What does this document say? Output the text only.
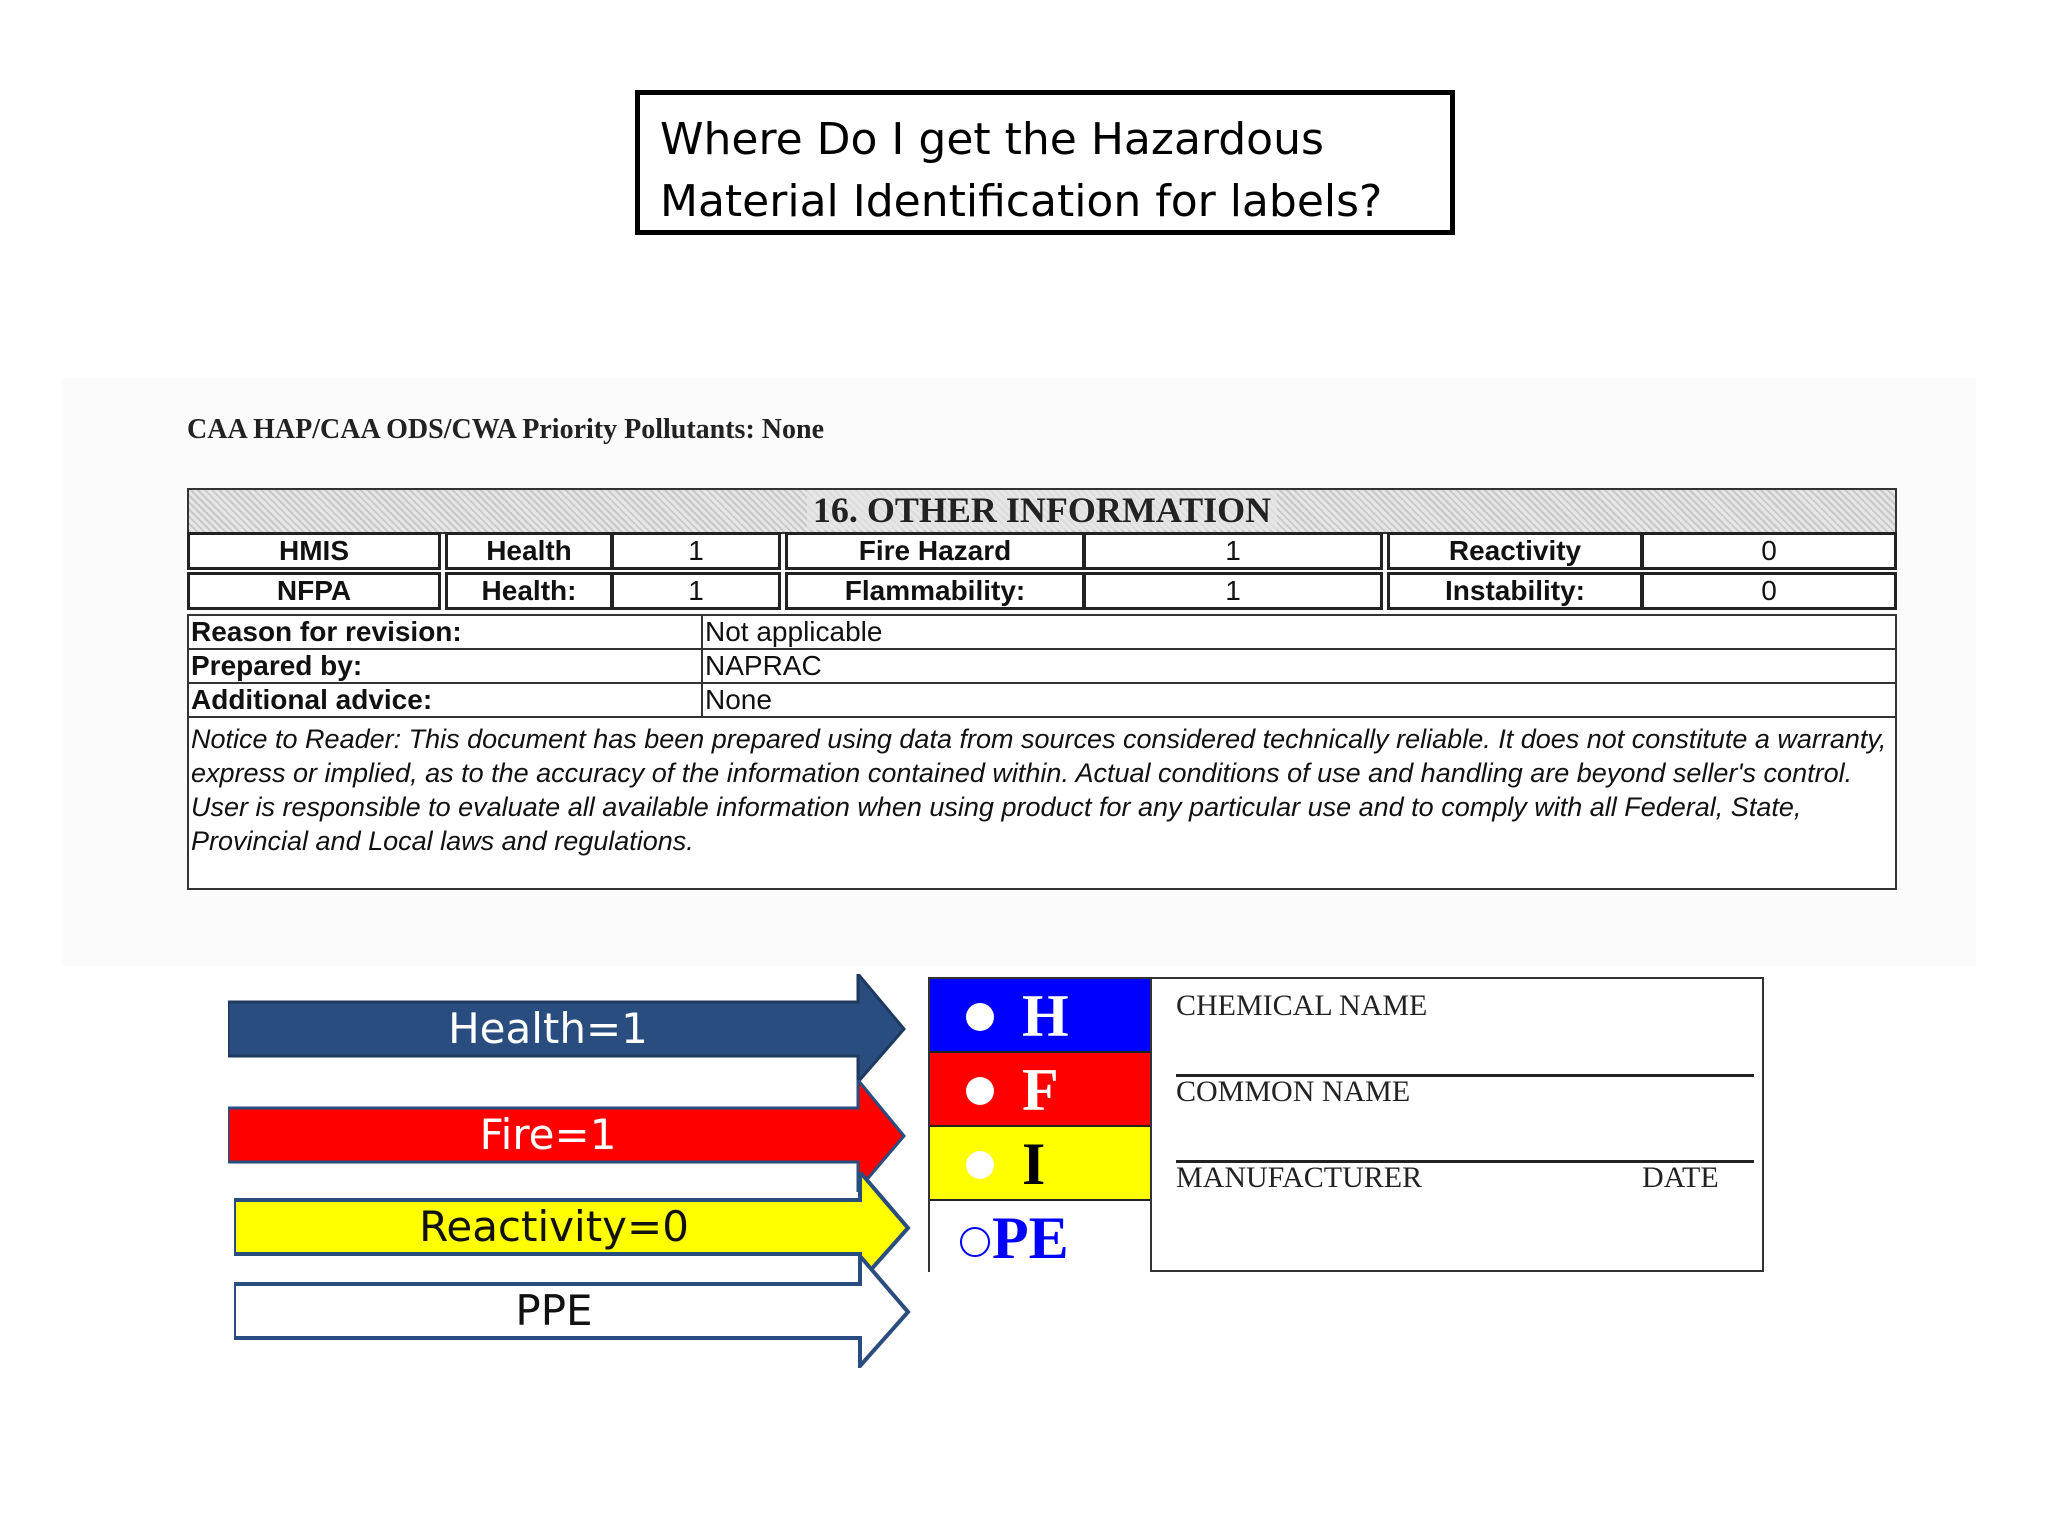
Where Do I get the Hazardous
Material Identification for labels?
CAA HAP/CAA ODS/CWA Priority Pollutants: None
16. OTHER INFORMATION
HMIS	Health	1	Fire Hazard	1	Reactivity	0
NFPA	Health:	1	Flammability:	1	Instability:	0
Reason for revision:	Not applicable
Prepared by:	NAPRAC
Additional advice:	None
Notice to Reader: This document has been prepared using data from sources considered technically reliable. It does not constitute a warranty, express or implied, as to the accuracy of the information contained within. Actual conditions of use and handling are beyond seller's control. User is responsible to evaluate all available information when using product for any particular use and to comply with all Federal, State, Provincial and Local laws and regulations.
Health=1
Fire=1
Reactivity=0
PPE
H
F
I
PE
CHEMICAL NAME
COMMON NAME
MANUFACTURER	DATE
